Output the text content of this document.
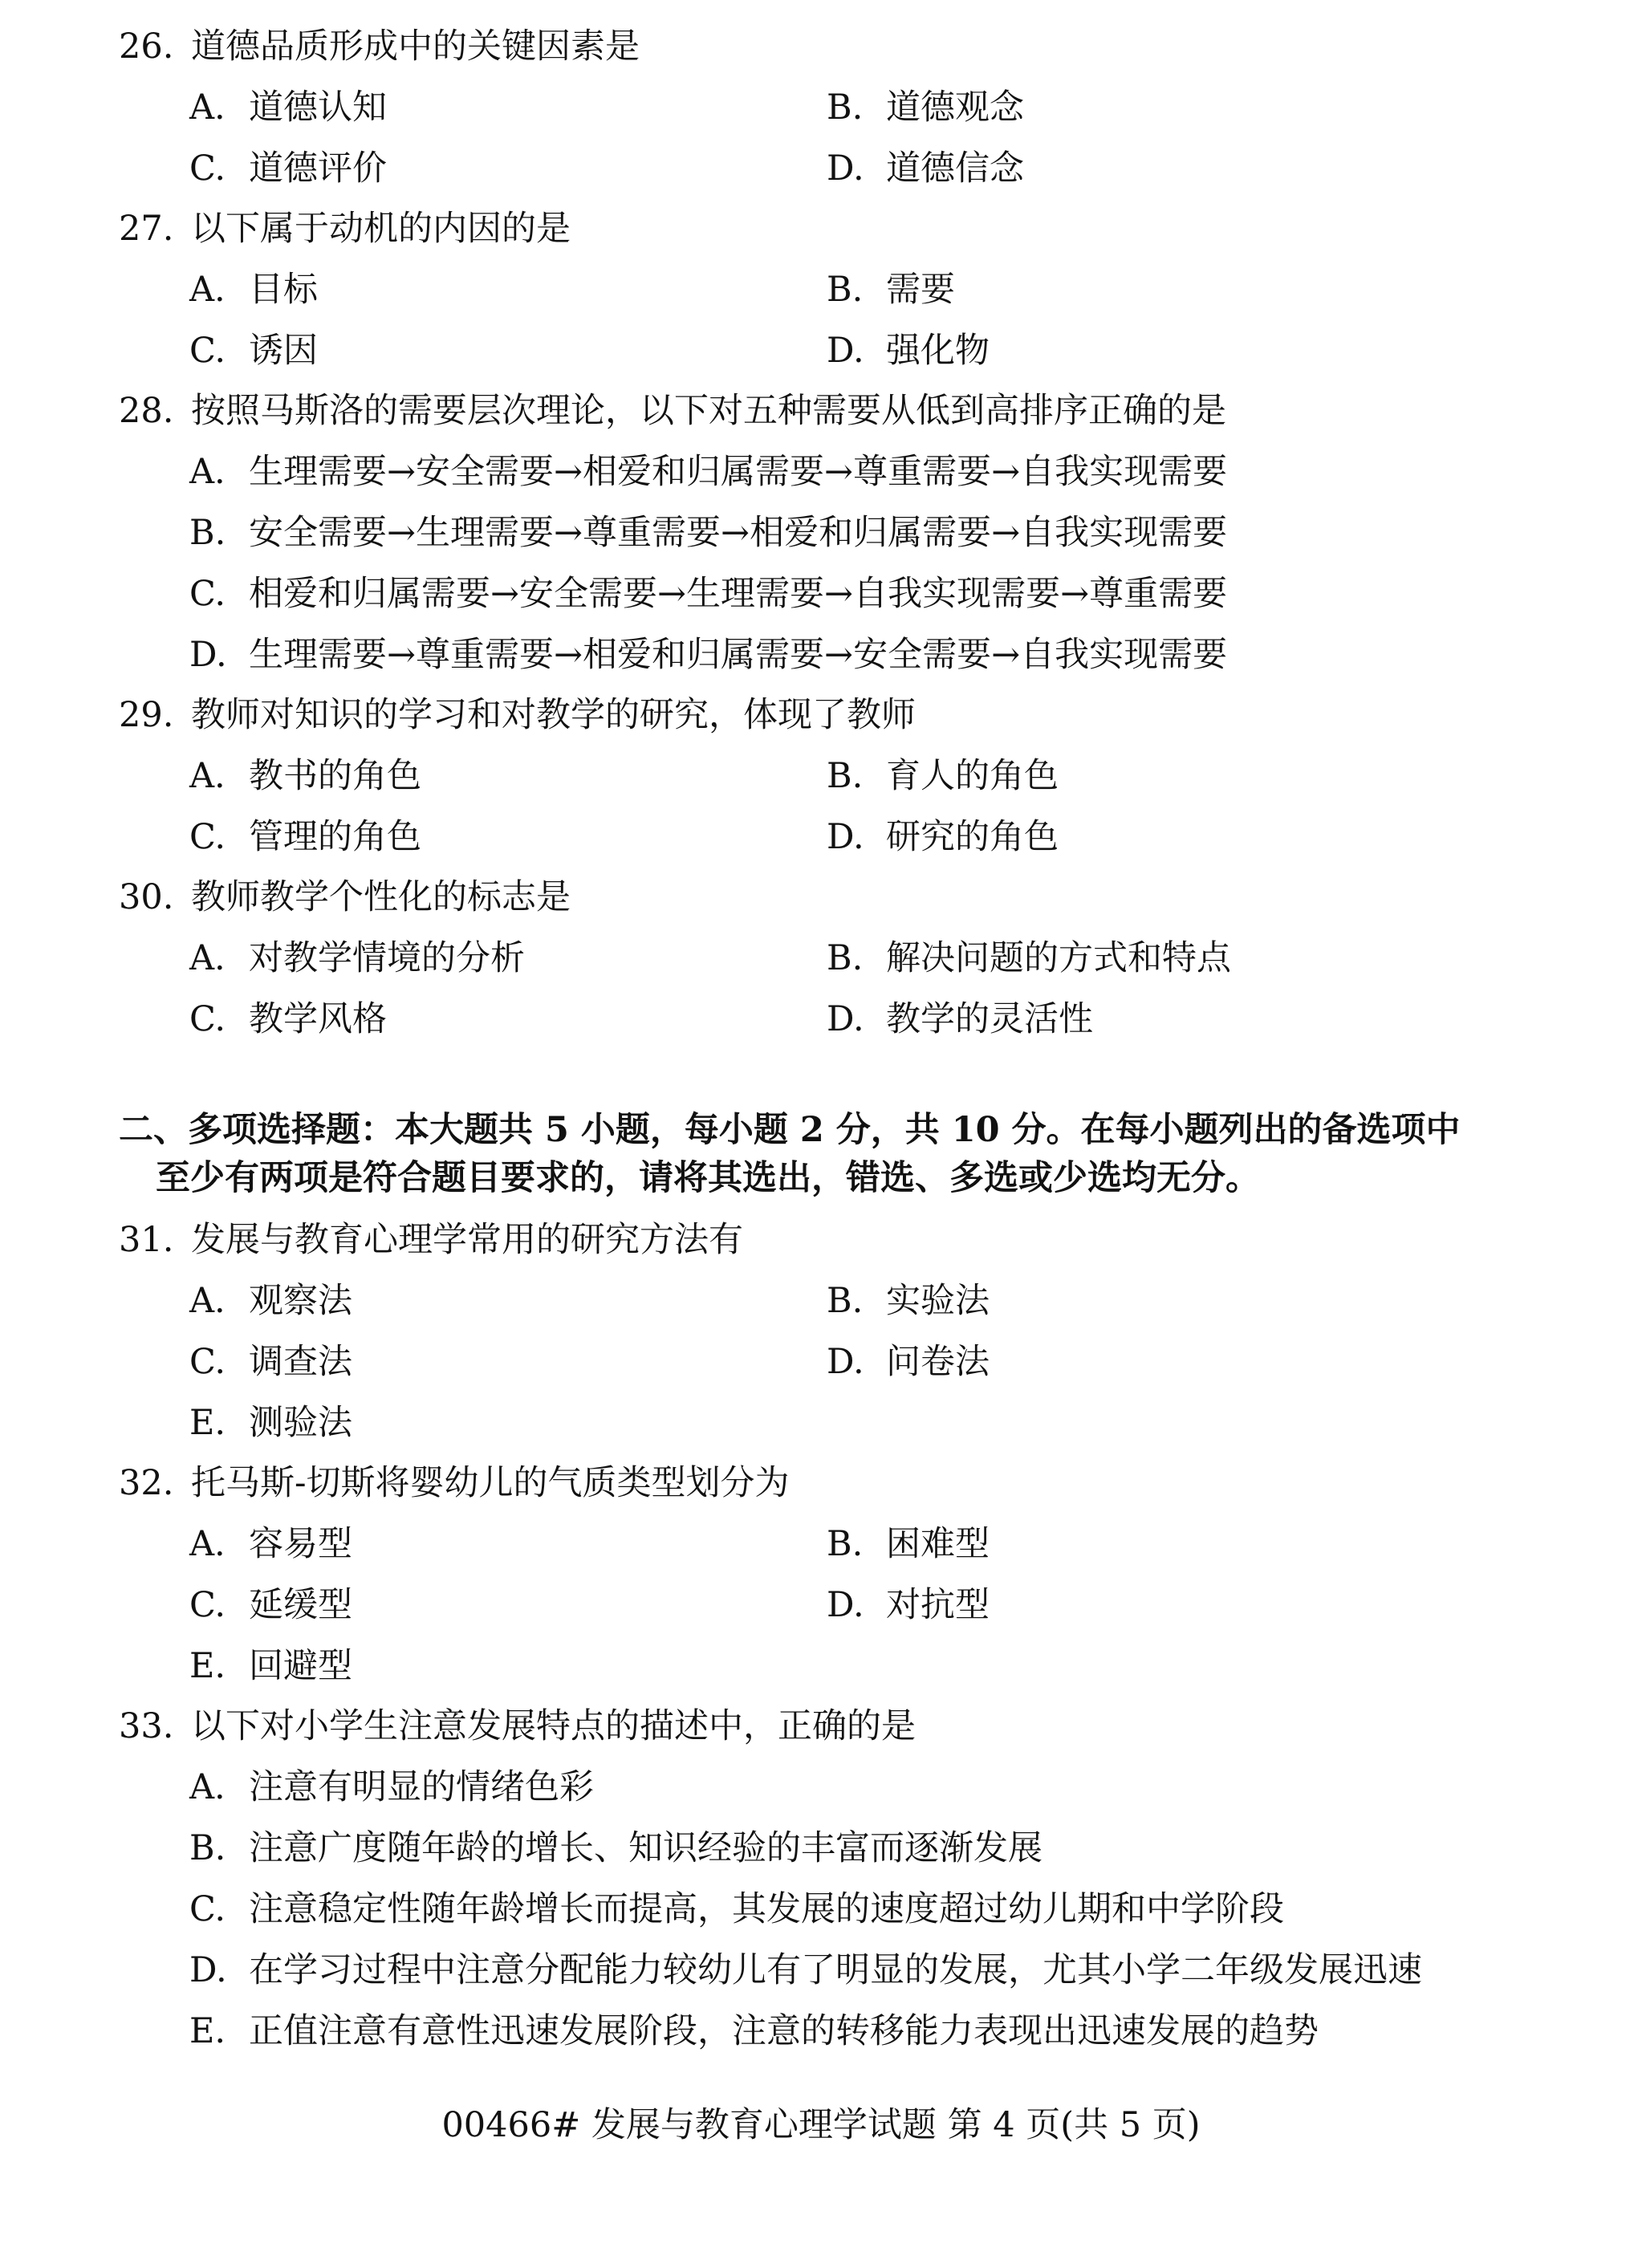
26. 道德品质形成中的关键因素是
A. 道德认知	B. 道德观念
C. 道德评价	D. 道德信念
27. 以下属于动机的内因的是
A. 目标	B. 需要
C. 诱因	D. 强化物
28. 按照马斯洛的需要层次理论，以下对五种需要从低到高排序正确的是
A. 生理需要→安全需要→相爱和归属需要→尊重需要→自我实现需要
B. 安全需要→生理需要→尊重需要→相爱和归属需要→自我实现需要
C. 相爱和归属需要→安全需要→生理需要→自我实现需要→尊重需要
D. 生理需要→尊重需要→相爱和归属需要→安全需要→自我实现需要
29. 教师对知识的学习和对教学的研究，体现了教师
A. 教书的角色	B. 育人的角色
C. 管理的角色	D. 研究的角色
30. 教师教学个性化的标志是
A. 对教学情境的分析	B. 解决问题的方式和特点
C. 教学风格	D. 教学的灵活性
二、多项选择题：本大题共 5 小题，每小题 2 分，共 10 分。在每小题列出的备选项中
至少有两项是符合题目要求的，请将其选出，错选、多选或少选均无分。
31. 发展与教育心理学常用的研究方法有
A. 观察法	B. 实验法
C. 调查法	D. 问卷法
E. 测验法
32. 托马斯-切斯将婴幼儿的气质类型划分为
A. 容易型	B. 困难型
C. 延缓型	D. 对抗型
E. 回避型
33. 以下对小学生注意发展特点的描述中，正确的是
A. 注意有明显的情绪色彩
B. 注意广度随年龄的增长、知识经验的丰富而逐渐发展
C. 注意稳定性随年龄增长而提高，其发展的速度超过幼儿期和中学阶段
D. 在学习过程中注意分配能力较幼儿有了明显的发展，尤其小学二年级发展迅速
E. 正值注意有意性迅速发展阶段，注意的转移能力表现出迅速发展的趋势
00466# 发展与教育心理学试题 第 4 页(共 5 页)
